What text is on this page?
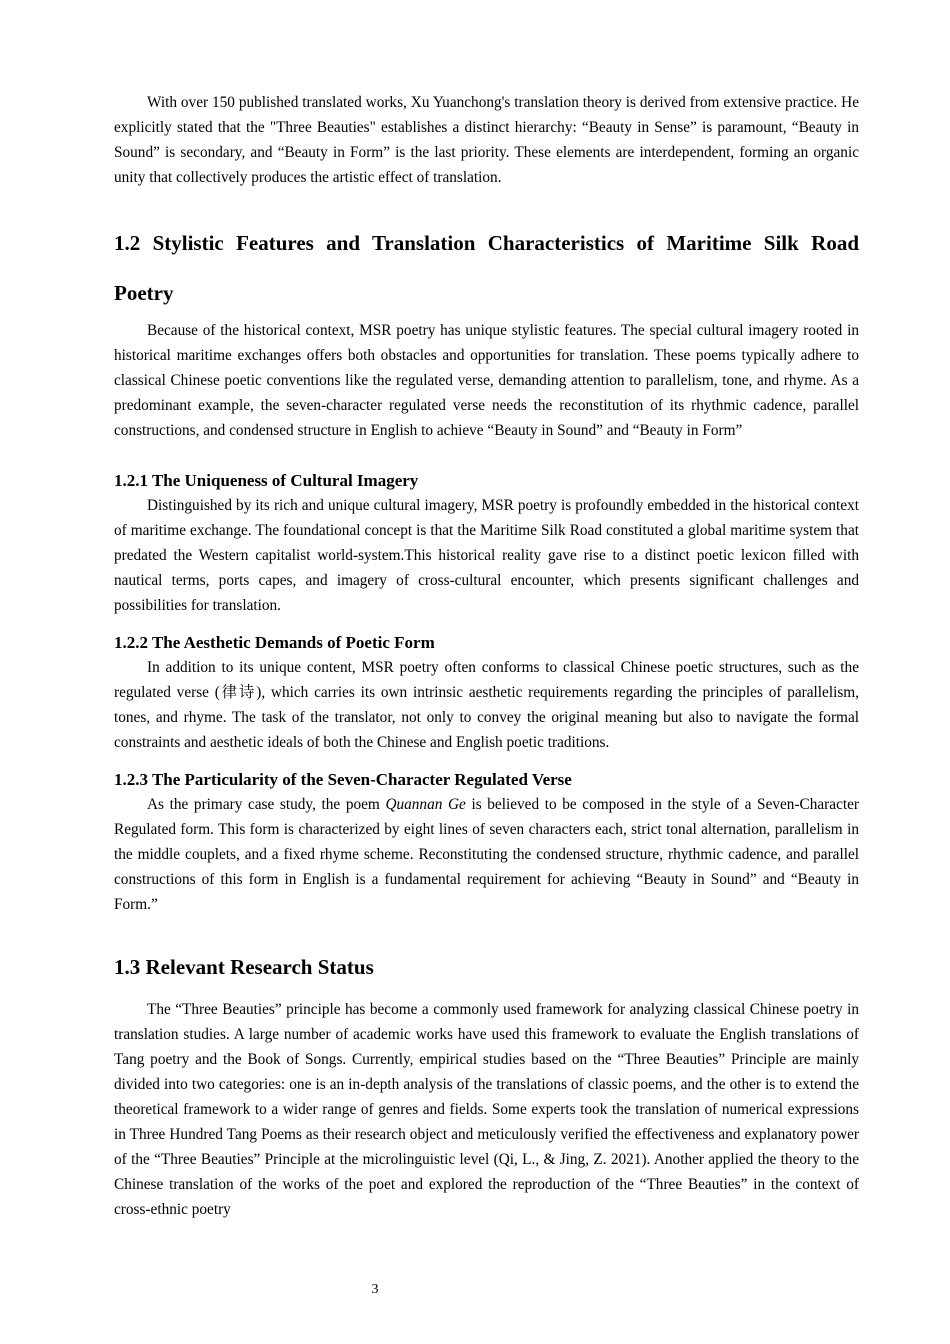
With over 150 published translated works, Xu Yuanchong's translation theory is derived from extensive practice. He explicitly stated that the "Three Beauties" establishes a distinct hierarchy: “Beauty in Sense” is paramount, “Beauty in Sound” is secondary, and “Beauty in Form” is the last priority. These elements are interdependent, forming an organic unity that collectively produces the artistic effect of translation.

1.2 Stylistic Features and Translation Characteristics of Maritime Silk Road Poetry

Because of the historical context, MSR poetry has unique stylistic features. The special cultural imagery rooted in historical maritime exchanges offers both obstacles and opportunities for translation. These poems typically adhere to classical Chinese poetic conventions like the regulated verse, demanding attention to parallelism, tone, and rhyme. As a predominant example, the seven-character regulated verse needs the reconstitution of its rhythmic cadence, parallel constructions, and condensed structure in English to achieve “Beauty in Sound” and “Beauty in Form”

1.2.1 The Uniqueness of Cultural Imagery

Distinguished by its rich and unique cultural imagery, MSR poetry is profoundly embedded in the historical context of maritime exchange. The foundational concept is that the Maritime Silk Road constituted a global maritime system that predated the Western capitalist world-system.This historical reality gave rise to a distinct poetic lexicon filled with nautical terms, ports capes, and imagery of cross-cultural encounter, which presents significant challenges and possibilities for translation.

1.2.2 The Aesthetic Demands of Poetic Form

In addition to its unique content, MSR poetry often conforms to classical Chinese poetic structures, such as the regulated verse (律诗), which carries its own intrinsic aesthetic requirements regarding the principles of parallelism, tones, and rhyme. The task of the translator, not only to convey the original meaning but also to navigate the formal constraints and aesthetic ideals of both the Chinese and English poetic traditions.

1.2.3 The Particularity of the Seven-Character Regulated Verse

As the primary case study, the poem Quannan Ge is believed to be composed in the style of a Seven-Character Regulated form. This form is characterized by eight lines of seven characters each, strict tonal alternation, parallelism in the middle couplets, and a fixed rhyme scheme. Reconstituting the condensed structure, rhythmic cadence, and parallel constructions of this form in English is a fundamental requirement for achieving “Beauty in Sound” and “Beauty in Form.”

1.3 Relevant Research Status

The “Three Beauties” principle has become a commonly used framework for analyzing classical Chinese poetry in translation studies. A large number of academic works have used this framework to evaluate the English translations of Tang poetry and the Book of Songs. Currently, empirical studies based on the “Three Beauties” Principle are mainly divided into two categories: one is an in-depth analysis of the translations of classic poems, and the other is to extend the theoretical framework to a wider range of genres and fields. Some experts took the translation of numerical expressions in Three Hundred Tang Poems as their research object and meticulously verified the effectiveness and explanatory power of the “Three Beauties” Principle at the microlinguistic level (Qi, L., & Jing, Z. 2021). Another applied the theory to the Chinese translation of the works of the poet and explored the reproduction of the “Three Beauties” in the context of cross-ethnic poetry

3
